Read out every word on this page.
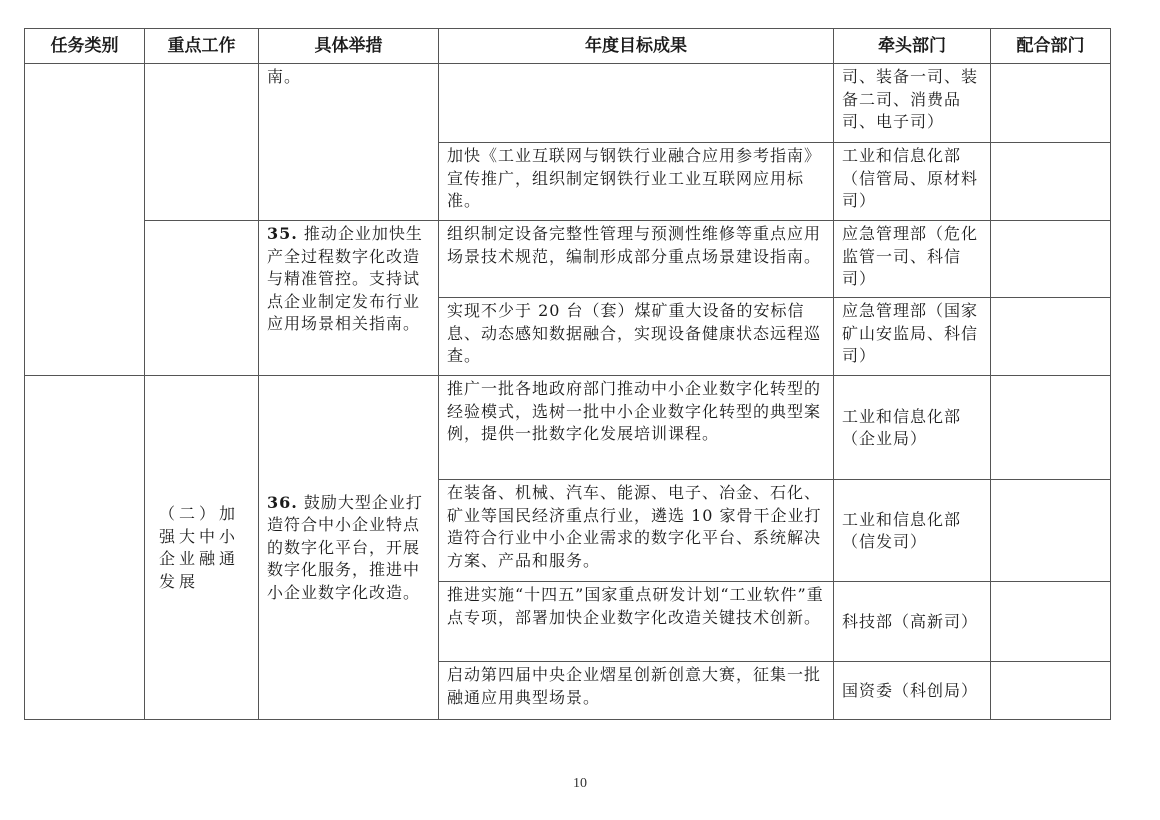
任务类别	重点工作	具体举措	年度目标成果	牵头部门	配合部门
		南。		司、装备一司、装备二司、消费品司、电子司）	
			加快《工业互联网与钢铁行业融合应用参考指南》宣传推广，组织制定钢铁行业工业互联网应用标准。	工业和信息化部（信管局、原材料司）	
		35. 推动企业加快生产全过程数字化改造与精准管控。支持试点企业制定发布行业应用场景相关指南。	组织制定设备完整性管理与预测性维修等重点应用场景技术规范，编制形成部分重点场景建设指南。	应急管理部（危化监管一司、科信司）	
			实现不少于 20 台（套）煤矿重大设备的安标信息、动态感知数据融合，实现设备健康状态远程巡查。	应急管理部（国家矿山安监局、科信司）	
	（二）加强大中小企业融通发展	36. 鼓励大型企业打造符合中小企业特点的数字化平台，开展数字化服务，推进中小企业数字化改造。	推广一批各地政府部门推动中小企业数字化转型的经验模式，选树一批中小企业数字化转型的典型案例，提供一批数字化发展培训课程。	工业和信息化部（企业局）	
			在装备、机械、汽车、能源、电子、冶金、石化、矿业等国民经济重点行业，遴选 10 家骨干企业打造符合行业中小企业需求的数字化平台、系统解决方案、产品和服务。	工业和信息化部（信发司）	
			推进实施“十四五”国家重点研发计划“工业软件”重点专项，部署加快企业数字化改造关键技术创新。	科技部（高新司）	
			启动第四届中央企业熠星创新创意大赛，征集一批融通应用典型场景。	国资委（科创局）	
10
